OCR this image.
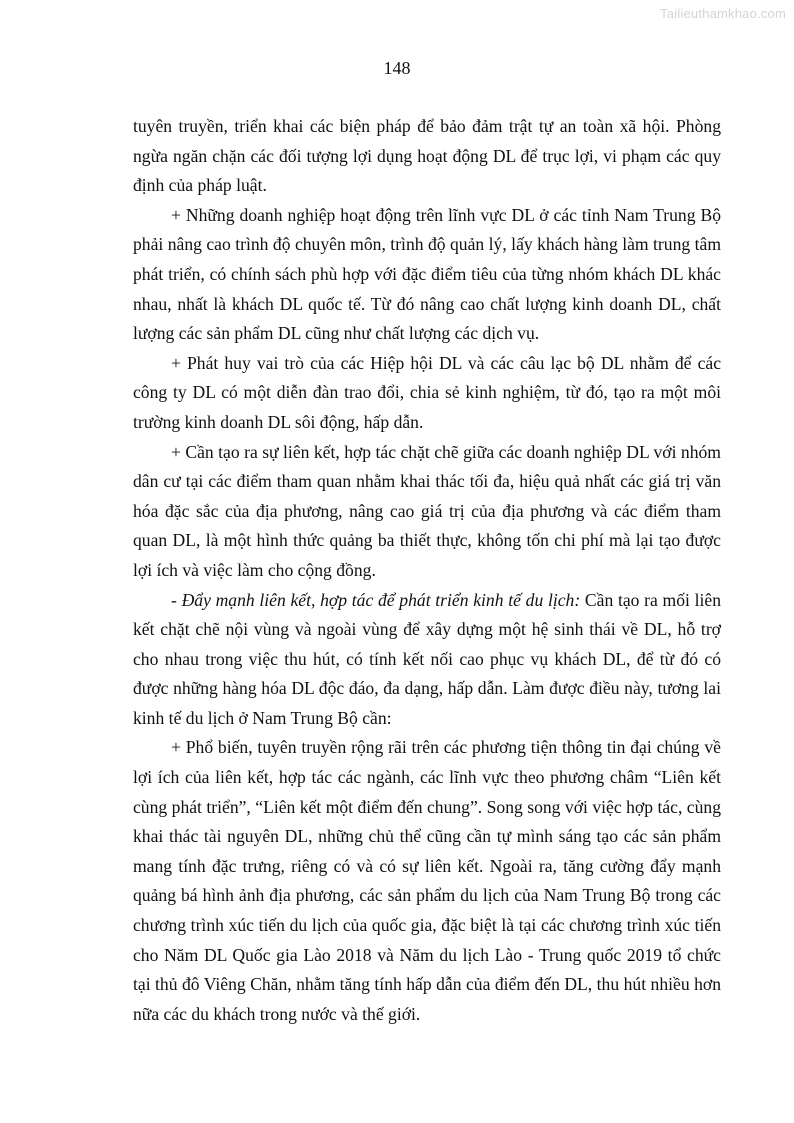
Tailieuthamkhao.com
148

tuyên truyền, triển khai các biện pháp để bảo đảm trật tự an toàn xã hội. Phòng ngừa ngăn chặn các đối tượng lợi dụng hoạt động DL để trục lợi, vi phạm các quy định của pháp luật.

+ Những doanh nghiệp hoạt động trên lĩnh vực DL ở các tỉnh Nam Trung Bộ phải nâng cao trình độ chuyên môn, trình độ quản lý, lấy khách hàng làm trung tâm phát triển, có chính sách phù hợp với đặc điểm tiêu của từng nhóm khách DL khác nhau, nhất là khách DL quốc tế. Từ đó nâng cao chất lượng kinh doanh DL, chất lượng các sản phẩm DL cũng như chất lượng các dịch vụ.

+ Phát huy vai trò của các Hiệp hội DL và các câu lạc bộ DL nhằm để các công ty DL có một diễn đàn trao đổi, chia sẻ kinh nghiệm, từ đó, tạo ra một môi trường kinh doanh DL sôi động, hấp dẫn.

+ Cần tạo ra sự liên kết, hợp tác chặt chẽ giữa các doanh nghiệp DL với nhóm dân cư tại các điểm tham quan nhằm khai thác tối đa, hiệu quả nhất các giá trị văn hóa đặc sắc của địa phương, nâng cao giá trị của địa phương và các điểm tham quan DL, là một hình thức quảng ba thiết thực, không tốn chi phí mà lại tạo được lợi ích và việc làm cho cộng đồng.

- Đẩy mạnh liên kết, hợp tác để phát triển kinh tế du lịch: Cần tạo ra mối liên kết chặt chẽ nội vùng và ngoài vùng để xây dựng một hệ sinh thái về DL, hỗ trợ cho nhau trong việc thu hút, có tính kết nối cao phục vụ khách DL, để từ đó có được những hàng hóa DL độc đáo, đa dạng, hấp dẫn. Làm được điều này, tương lai kinh tế du lịch ở Nam Trung Bộ cần:

+ Phổ biến, tuyên truyền rộng rãi trên các phương tiện thông tin đại chúng về lợi ích của liên kết, hợp tác các ngành, các lĩnh vực theo phương châm “Liên kết cùng phát triển”, “Liên kết một điểm đến chung”. Song song với việc hợp tác, cùng khai thác tài nguyên DL, những chủ thể cũng cần tự mình sáng tạo các sản phẩm mang tính đặc trưng, riêng có và có sự liên kết. Ngoài ra, tăng cường đẩy mạnh quảng bá hình ảnh địa phương, các sản phẩm du lịch của Nam Trung Bộ trong các chương trình xúc tiến du lịch của quốc gia, đặc biệt là tại các chương trình xúc tiến cho Năm DL Quốc gia Lào 2018 và Năm du lịch Lào - Trung quốc 2019 tổ chức tại thủ đô Viêng Chăn, nhằm tăng tính hấp dẫn của điểm đến DL, thu hút nhiều hơn nữa các du khách trong nước và thế giới.
